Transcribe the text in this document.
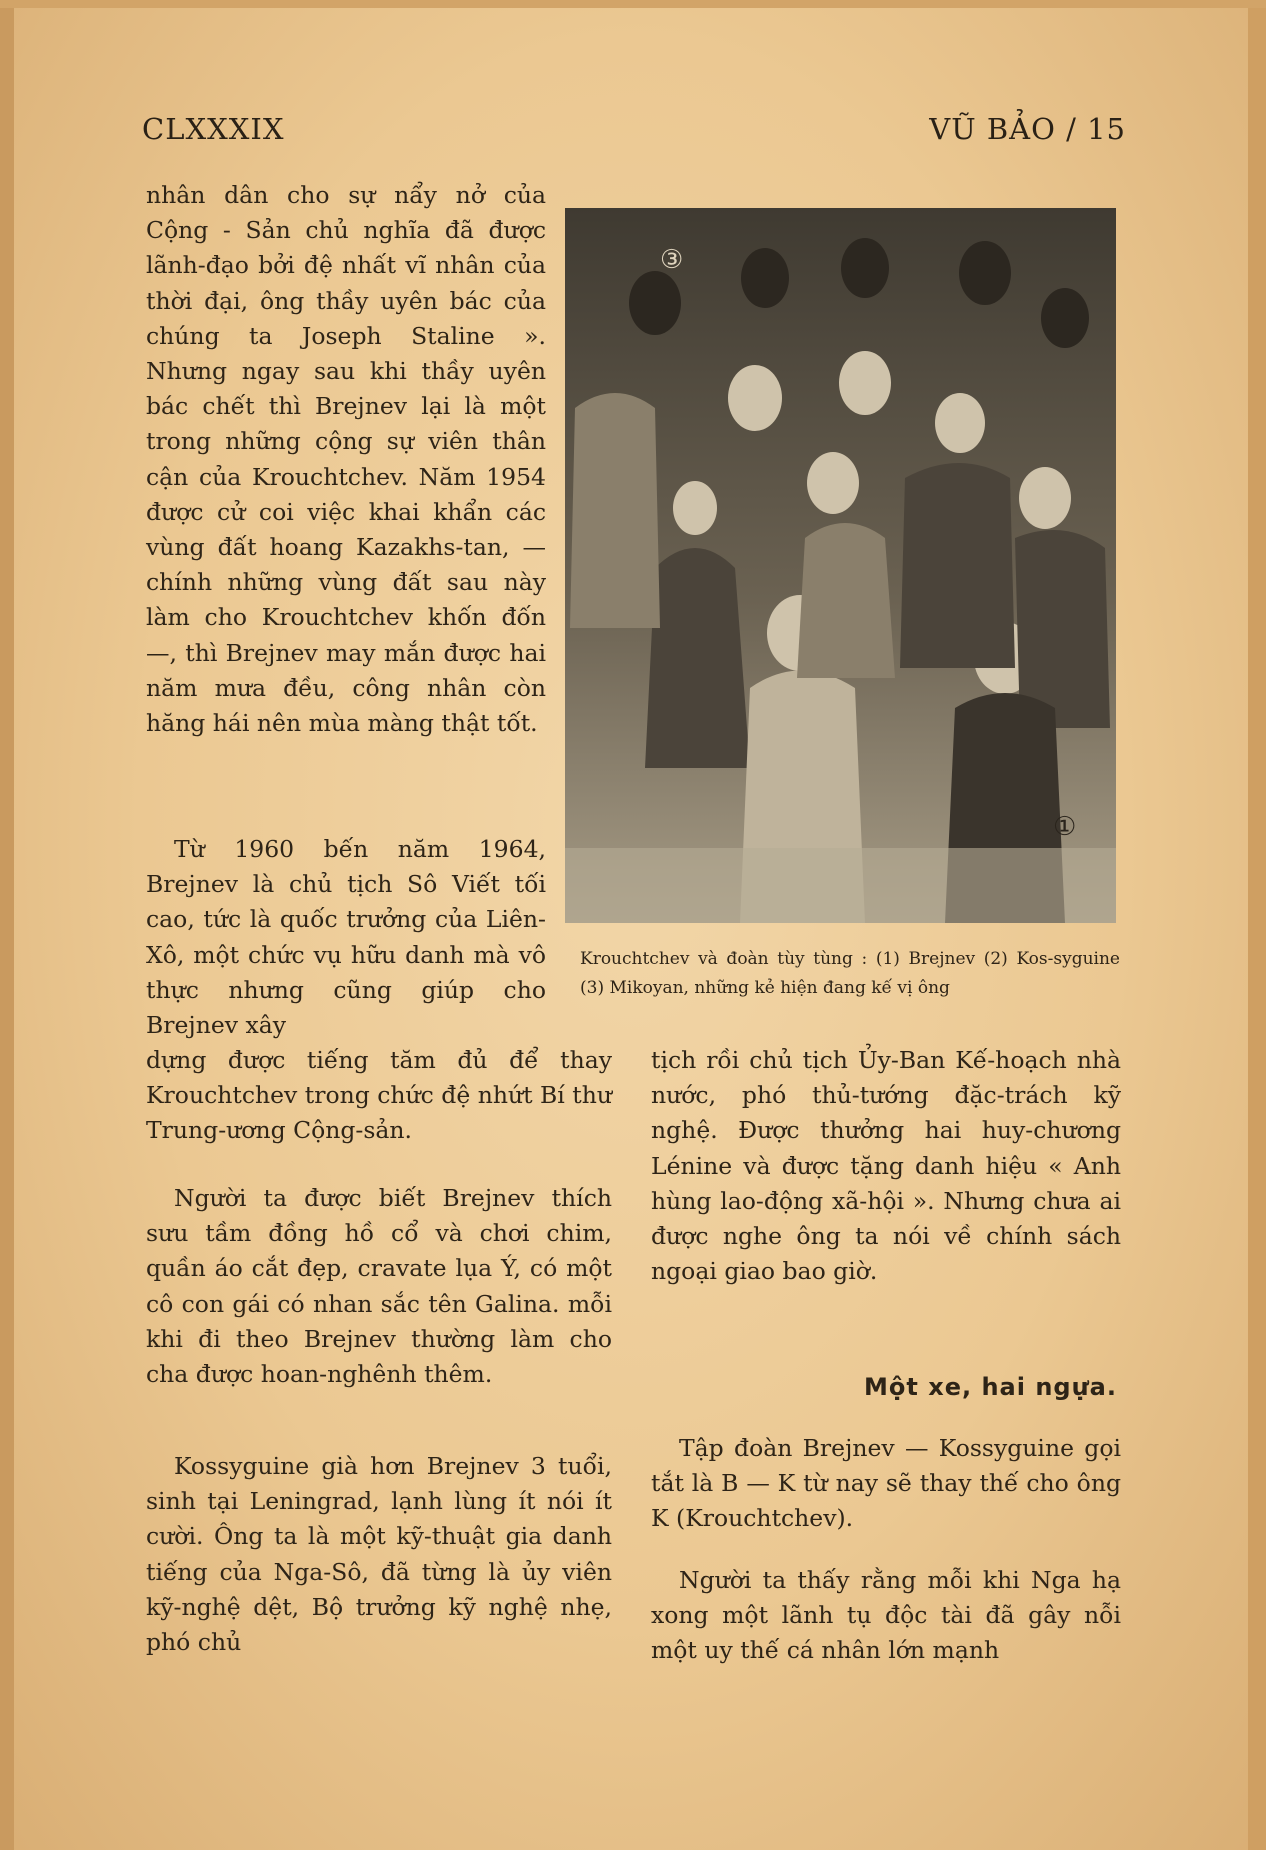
CLXXXIX	VŨ BẢO / 15

nhân dân cho sự nẩy nở của Cộng - Sản chủ nghĩa đã được lãnh-đạo bởi đệ nhất vĩ nhân của thời đại, ông thầy uyên bác của chúng ta Joseph Staline ». Nhưng ngay sau khi thầy uyên bác chết thì Brejnev lại là một trong những cộng sự viên thân cận của Krouchtchev. Năm 1954 được cử coi việc khai khẩn các vùng đất hoang Kazakhs-tan, — chính những vùng đất sau này làm cho Krouchtchev khốn đốn —, thì Brejnev may mắn được hai năm mưa đều, công nhân còn hăng hái nên mùa màng thật tốt.

Từ 1960 bến năm 1964, Brejnev là chủ tịch Sô Viết tối cao, tức là quốc trưởng của Liên-Xô, một chức vụ hữu danh mà vô thực nhưng cũng giúp cho Brejnev xây

dựng được tiếng tăm đủ để thay Krouchtchev trong chức đệ nhứt Bí thư Trung-ương Cộng-sản.

Người ta được biết Brejnev thích sưu tầm đồng hồ cổ và chơi chim, quần áo cắt đẹp, cravate lụa Ý, có một cô con gái có nhan sắc tên Galina. mỗi khi đi theo Brejnev thường làm cho cha được hoan-nghênh thêm.

Kossyguine già hơn Brejnev 3 tuổi, sinh tại Leningrad, lạnh lùng ít nói ít cười. Ông ta là một kỹ-thuật gia danh tiếng của Nga-Sô, đã từng là ủy viên kỹ-nghệ dệt, Bộ trưởng kỹ nghệ nhẹ, phó chủ

③
①
Krouchtchev và đoàn tùy tùng : (1) Brejnev (2) Kos-syguine (3) Mikoyan, những kẻ hiện đang kế vị ông

tịch rồi chủ tịch Ủy-Ban Kế-hoạch nhà nước, phó thủ-tướng đặc-trách kỹ nghệ. Được thưởng hai huy-chương Lénine và được tặng danh hiệu « Anh hùng lao-động xã-hội ». Nhưng chưa ai được nghe ông ta nói về chính sách ngoại giao bao giờ.

Một xe, hai ngựa.

Tập đoàn Brejnev — Kossyguine gọi tắt là B — K từ nay sẽ thay thế cho ông K (Krouchtchev).

Người ta thấy rằng mỗi khi Nga hạ xong một lãnh tụ độc tài đã gây nỗi một uy thế cá nhân lớn mạnh
